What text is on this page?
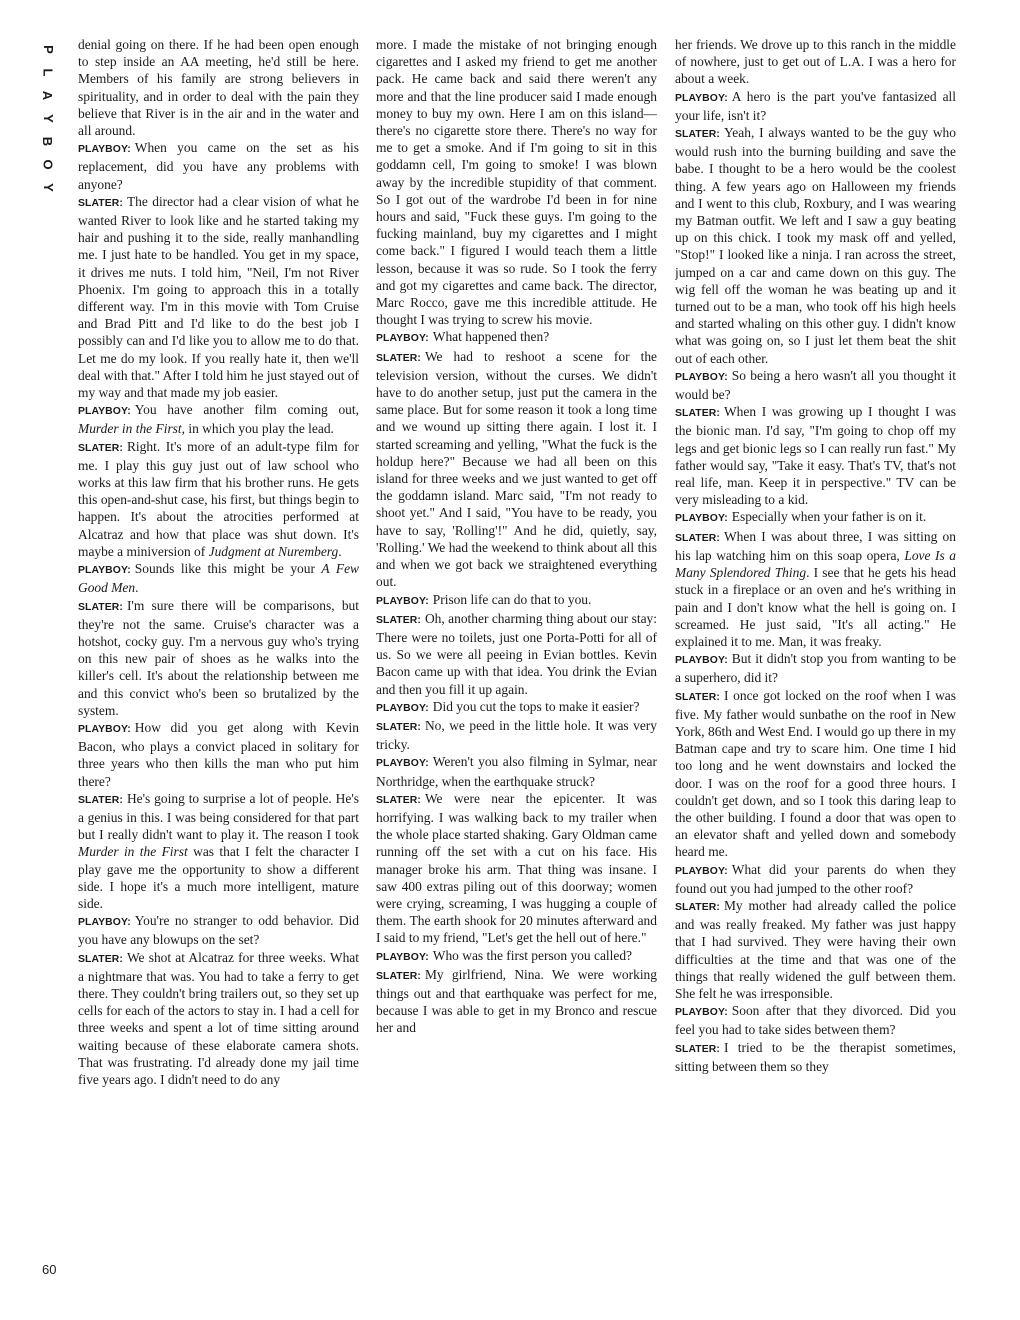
P
L
A
Y
B
O
Y

denial going on there. If he had been open enough to step inside an AA meeting, he'd still be here. Members of his family are strong believers in spirituality, and in order to deal with the pain they believe that River is in the air and in the water and all around.

PLAYBOY: When you came on the set as his replacement, did you have any problems with anyone?

SLATER: The director had a clear vision of what he wanted River to look like and he started taking my hair and pushing it to the side, really manhandling me. I just hate to be handled. You get in my space, it drives me nuts. I told him, "Neil, I'm not River Phoenix. I'm going to approach this in a totally different way. I'm in this movie with Tom Cruise and Brad Pitt and I'd like to do the best job I possibly can and I'd like you to allow me to do that. Let me do my look. If you really hate it, then we'll deal with that." After I told him he just stayed out of my way and that made my job easier.

PLAYBOY: You have another film coming out, Murder in the First, in which you play the lead.

SLATER: Right. It's more of an adult-type film for me. I play this guy just out of law school who works at this law firm that his brother runs. He gets this open-and-shut case, his first, but things begin to happen. It's about the atrocities performed at Alcatraz and how that place was shut down. It's maybe a miniversion of Judgment at Nuremberg.

PLAYBOY: Sounds like this might be your A Few Good Men.

SLATER: I'm sure there will be comparisons, but they're not the same. Cruise's character was a hotshot, cocky guy. I'm a nervous guy who's trying on this new pair of shoes as he walks into the killer's cell. It's about the relationship between me and this convict who's been so brutalized by the system.

PLAYBOY: How did you get along with Kevin Bacon, who plays a convict placed in solitary for three years who then kills the man who put him there?

SLATER: He's going to surprise a lot of people. He's a genius in this. I was being considered for that part but I really didn't want to play it. The reason I took Murder in the First was that I felt the character I play gave me the opportunity to show a different side. I hope it's a much more intelligent, mature side.

PLAYBOY: You're no stranger to odd behavior. Did you have any blowups on the set?

SLATER: We shot at Alcatraz for three weeks. What a nightmare that was. You had to take a ferry to get there. They couldn't bring trailers out, so they set up cells for each of the actors to stay in. I had a cell for three weeks and spent a lot of time sitting around waiting because of these elaborate camera shots. That was frustrating. I'd already done my jail time five years ago. I didn't need to do any

more. I made the mistake of not bringing enough cigarettes and I asked my friend to get me another pack. He came back and said there weren't any more and that the line producer said I made enough money to buy my own. Here I am on this island—there's no cigarette store there. There's no way for me to get a smoke. And if I'm going to sit in this goddamn cell, I'm going to smoke! I was blown away by the incredible stupidity of that comment. So I got out of the wardrobe I'd been in for nine hours and said, "Fuck these guys. I'm going to the fucking mainland, buy my cigarettes and I might come back." I figured I would teach them a little lesson, because it was so rude. So I took the ferry and got my cigarettes and came back. The director, Marc Rocco, gave me this incredible attitude. He thought I was trying to screw his movie.

PLAYBOY: What happened then?

SLATER: We had to reshoot a scene for the television version, without the curses. We didn't have to do another setup, just put the camera in the same place. But for some reason it took a long time and we wound up sitting there again. I lost it. I started screaming and yelling, "What the fuck is the holdup here?" Because we had all been on this island for three weeks and we just wanted to get off the goddamn island. Marc said, "I'm not ready to shoot yet." And I said, "You have to be ready, you have to say, 'Rolling'!" And he did, quietly, say, 'Rolling.' We had the weekend to think about all this and when we got back we straightened everything out.

PLAYBOY: Prison life can do that to you.

SLATER: Oh, another charming thing about our stay: There were no toilets, just one Porta-Potti for all of us. So we were all peeing in Evian bottles. Kevin Bacon came up with that idea. You drink the Evian and then you fill it up again.

PLAYBOY: Did you cut the tops to make it easier?

SLATER: No, we peed in the little hole. It was very tricky.

PLAYBOY: Weren't you also filming in Sylmar, near Northridge, when the earthquake struck?

SLATER: We were near the epicenter. It was horrifying. I was walking back to my trailer when the whole place started shaking. Gary Oldman came running off the set with a cut on his face. His manager broke his arm. That thing was insane. I saw 400 extras piling out of this doorway; women were crying, screaming, I was hugging a couple of them. The earth shook for 20 minutes afterward and I said to my friend, "Let's get the hell out of here."

PLAYBOY: Who was the first person you called?

SLATER: My girlfriend, Nina. We were working things out and that earthquake was perfect for me, because I was able to get in my Bronco and rescue her and

her friends. We drove up to this ranch in the middle of nowhere, just to get out of L.A. I was a hero for about a week.

PLAYBOY: A hero is the part you've fantasized all your life, isn't it?

SLATER: Yeah, I always wanted to be the guy who would rush into the burning building and save the babe. I thought to be a hero would be the coolest thing. A few years ago on Halloween my friends and I went to this club, Roxbury, and I was wearing my Batman outfit. We left and I saw a guy beating up on this chick. I took my mask off and yelled, "Stop!" I looked like a ninja. I ran across the street, jumped on a car and came down on this guy. The wig fell off the woman he was beating up and it turned out to be a man, who took off his high heels and started whaling on this other guy. I didn't know what was going on, so I just let them beat the shit out of each other.

PLAYBOY: So being a hero wasn't all you thought it would be?

SLATER: When I was growing up I thought I was the bionic man. I'd say, "I'm going to chop off my legs and get bionic legs so I can really run fast." My father would say, "Take it easy. That's TV, that's not real life, man. Keep it in perspective." TV can be very misleading to a kid.

PLAYBOY: Especially when your father is on it.

SLATER: When I was about three, I was sitting on his lap watching him on this soap opera, Love Is a Many Splendored Thing. I see that he gets his head stuck in a fireplace or an oven and he's writhing in pain and I don't know what the hell is going on. I screamed. He just said, "It's all acting." He explained it to me. Man, it was freaky.

PLAYBOY: But it didn't stop you from wanting to be a superhero, did it?

SLATER: I once got locked on the roof when I was five. My father would sunbathe on the roof in New York, 86th and West End. I would go up there in my Batman cape and try to scare him. One time I hid too long and he went downstairs and locked the door. I was on the roof for a good three hours. I couldn't get down, and so I took this daring leap to the other building. I found a door that was open to an elevator shaft and yelled down and somebody heard me.

PLAYBOY: What did your parents do when they found out you had jumped to the other roof?

SLATER: My mother had already called the police and was really freaked. My father was just happy that I had survived. They were having their own difficulties at the time and that was one of the things that really widened the gulf between them. She felt he was irresponsible.

PLAYBOY: Soon after that they divorced. Did you feel you had to take sides between them?

SLATER: I tried to be the therapist sometimes, sitting between them so they

60
